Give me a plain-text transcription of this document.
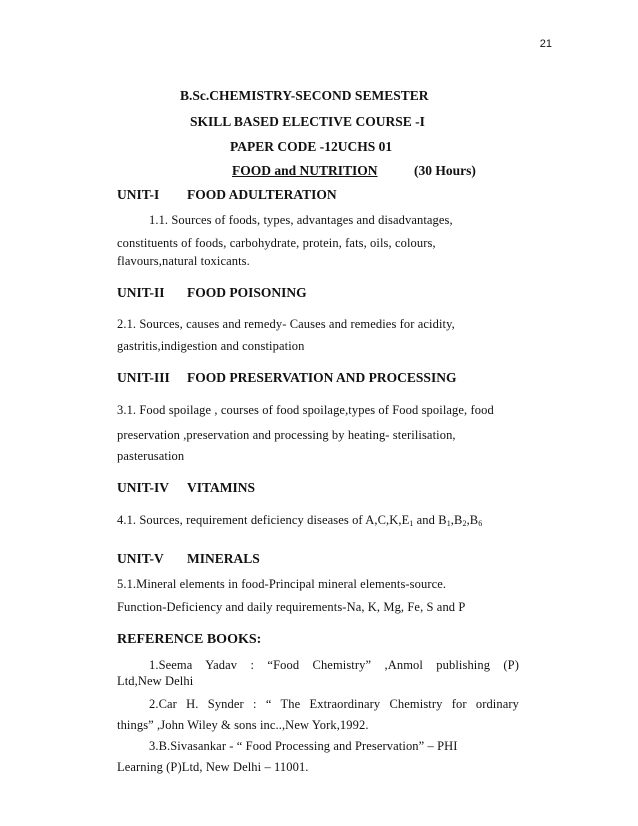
21
B.Sc.CHEMISTRY-SECOND SEMESTER
SKILL BASED ELECTIVE COURSE -I
PAPER CODE -12UCHS 01
FOOD and NUTRITION	(30 Hours)
UNIT-I FOOD ADULTERATION
1.1. Sources of foods, types, advantages and disadvantages,
constituents of foods, carbohydrate, protein, fats, oils, colours,
flavours,natural toxicants.
UNIT-II FOOD POISONING
2.1. Sources, causes and remedy- Causes and remedies for acidity,
gastritis,indigestion and constipation
UNIT-III FOOD PRESERVATION AND PROCESSING
3.1. Food spoilage , courses of food spoilage,types of Food spoilage, food
preservation ,preservation and processing by heating- sterilisation,
pasterusation
UNIT-IV VITAMINS
4.1. Sources, requirement deficiency diseases of $A,C,K,E_1$ and $B_1,B_2,B_6$
UNIT-V MINERALS
5.1.Mineral elements in food-Principal mineral elements-source.
Function-Deficiency and daily requirements-Na, K, Mg, Fe, S and P
REFERENCE BOOKS:
1.Seema Yadav : “Food Chemistry” ,Anmol publishing (P)
Ltd,New Delhi
2.Car H. Synder : “ The Extraordinary Chemistry for ordinary
things” ,John Wiley & sons inc..,New York,1992.
3.B.Sivasankar - “ Food Processing and Preservation” – PHI
Learning (P)Ltd, New Delhi – 11001.
